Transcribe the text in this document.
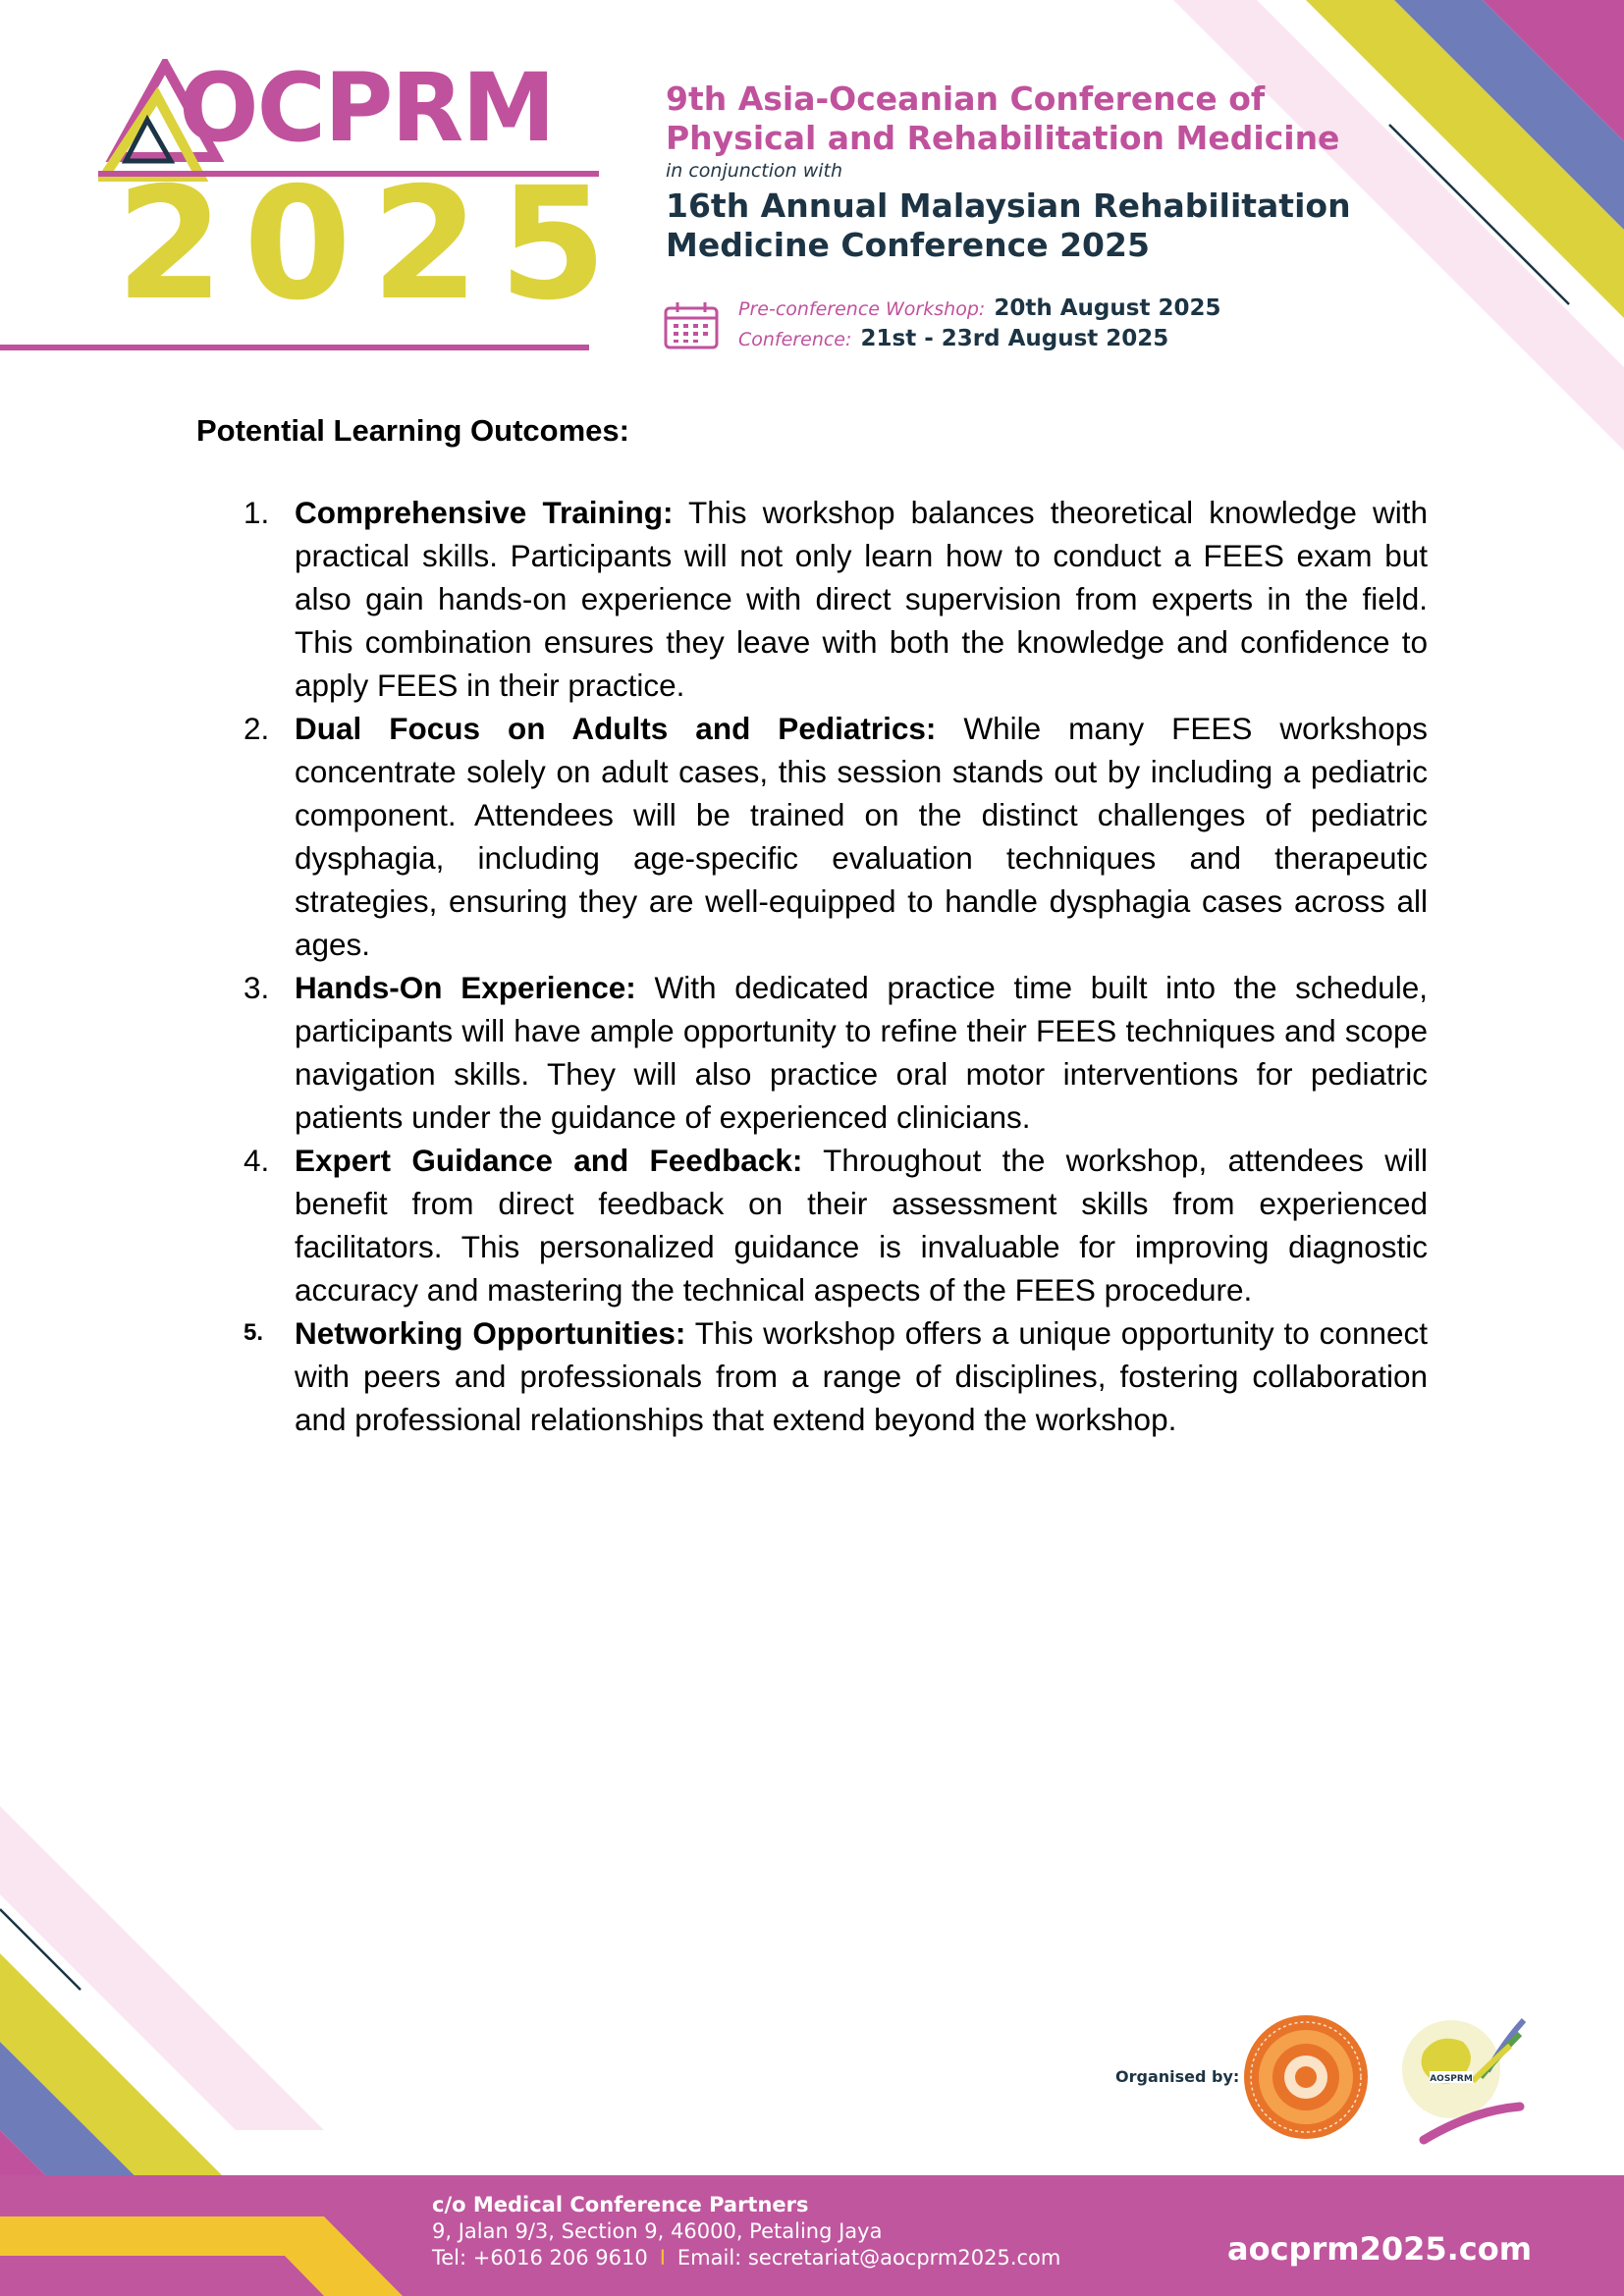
OCPRM
2 0 2 5
9th Asia-Oceanian Conference of
Physical and Rehabilitation Medicine
in conjunction with
16th Annual Malaysian Rehabilitation
Medicine Conference 2025
Pre-conference Workshop: 20th August 2025
Conference: 21st - 23rd August 2025
Potential Learning Outcomes:
1. Comprehensive Training: This workshop balances theoretical knowledge with practical skills. Participants will not only learn how to conduct a FEES exam but also gain hands-on experience with direct supervision from experts in the field. This combination ensures they leave with both the knowledge and confidence to apply FEES in their practice.
2. Dual Focus on Adults and Pediatrics: While many FEES workshops concentrate solely on adult cases, this session stands out by including a pediatric component. Attendees will be trained on the distinct challenges of pediatric dysphagia, including age-specific evaluation techniques and therapeutic strategies, ensuring they are well-equipped to handle dysphagia cases across all ages.
3. Hands-On Experience: With dedicated practice time built into the schedule, participants will have ample opportunity to refine their FEES techniques and scope navigation skills. They will also practice oral motor interventions for pediatric patients under the guidance of experienced clinicians.
4. Expert Guidance and Feedback: Throughout the workshop, attendees will benefit from direct feedback on their assessment skills from experienced facilitators. This personalized guidance is invaluable for improving diagnostic accuracy and mastering the technical aspects of the FEES procedure.
5. Networking Opportunities: This workshop offers a unique opportunity to connect with peers and professionals from a range of disciplines, fostering collaboration and professional relationships that extend beyond the workshop.
Organised by:	AOSPRM
c/o Medical Conference Partners
9, Jalan 9/3, Section 9, 46000, Petaling Jaya
Tel: +6016 206 9610 I Email: secretariat@aocprm2025.com	aocprm2025.com
